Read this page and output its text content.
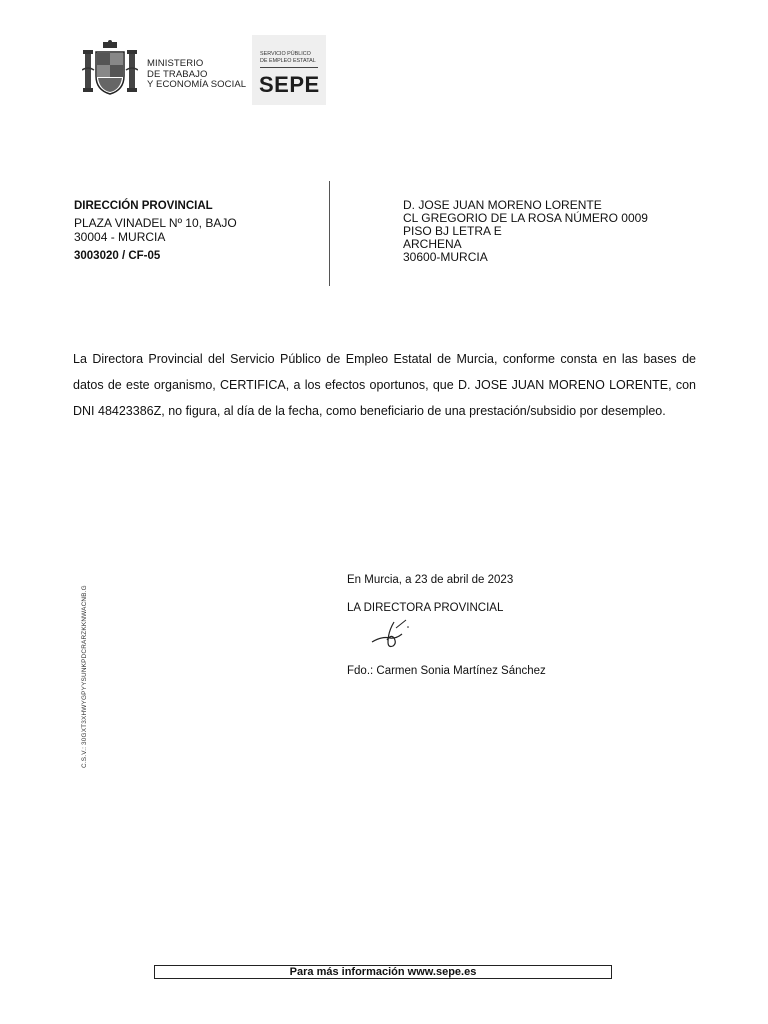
MINISTERIO
DE TRABAJO
Y ECONOMÍA SOCIAL
SERVICIO PÚBLICO
DE EMPLEO ESTATAL
SEPE
DIRECCIÓN PROVINCIAL
PLAZA VINADEL Nº 10, BAJO
30004 - MURCIA
3003020 / CF-05
D. JOSE JUAN MORENO LORENTE
CL GREGORIO DE LA ROSA NÚMERO 0009
PISO BJ LETRA E
ARCHENA
30600-MURCIA
La Directora Provincial del Servicio Público de Empleo Estatal de Murcia, conforme consta en las bases de datos de este organismo, CERTIFICA, a los efectos oportunos, que D. JOSE JUAN MORENO LORENTE, con DNI 48423386Z, no figura, al día de la fecha, como beneficiario de una prestación/subsidio por desempleo.
En Murcia, a 23 de abril de 2023
LA DIRECTORA PROVINCIAL
Fdo.: Carmen Sonia Martínez Sánchez
C.S.V.: 30GXT3XHWYGPYYSUNKPDCRARZKKNWACNB.G
Para más información www.sepe.es
